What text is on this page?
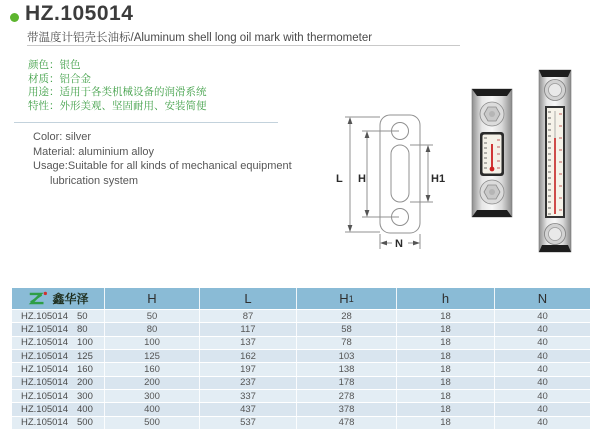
HZ.105014
带温度计铝壳长油标/Aluminum shell long oil mark with thermometer
颜色：银色
材质：铝合金
用途：适用于各类机械设备的润滑系统
特性：外形美观、坚固耐用、安装简便
Color: silver
Material: aluminium alloy
Usage:Suitable for all kinds of mechanical equipment
lubrication system	L H	H1
N
鑫华泽	H	L	H 1	h	N
HZ.105014 50	50	87	28	18	40
HZ.105014 80	80	117	58	18	40
HZ.105014 100	100	137	78	18	40
HZ.105014 125	125	162	103	18	40
HZ.105014 160	160	197	138	18	40
HZ.105014 200	200	237	178	18	40
HZ.105014 300	300	337	278	18	40
HZ.105014 400	400	437	378	18	40
HZ.105014 500	500	537	478	18	40
